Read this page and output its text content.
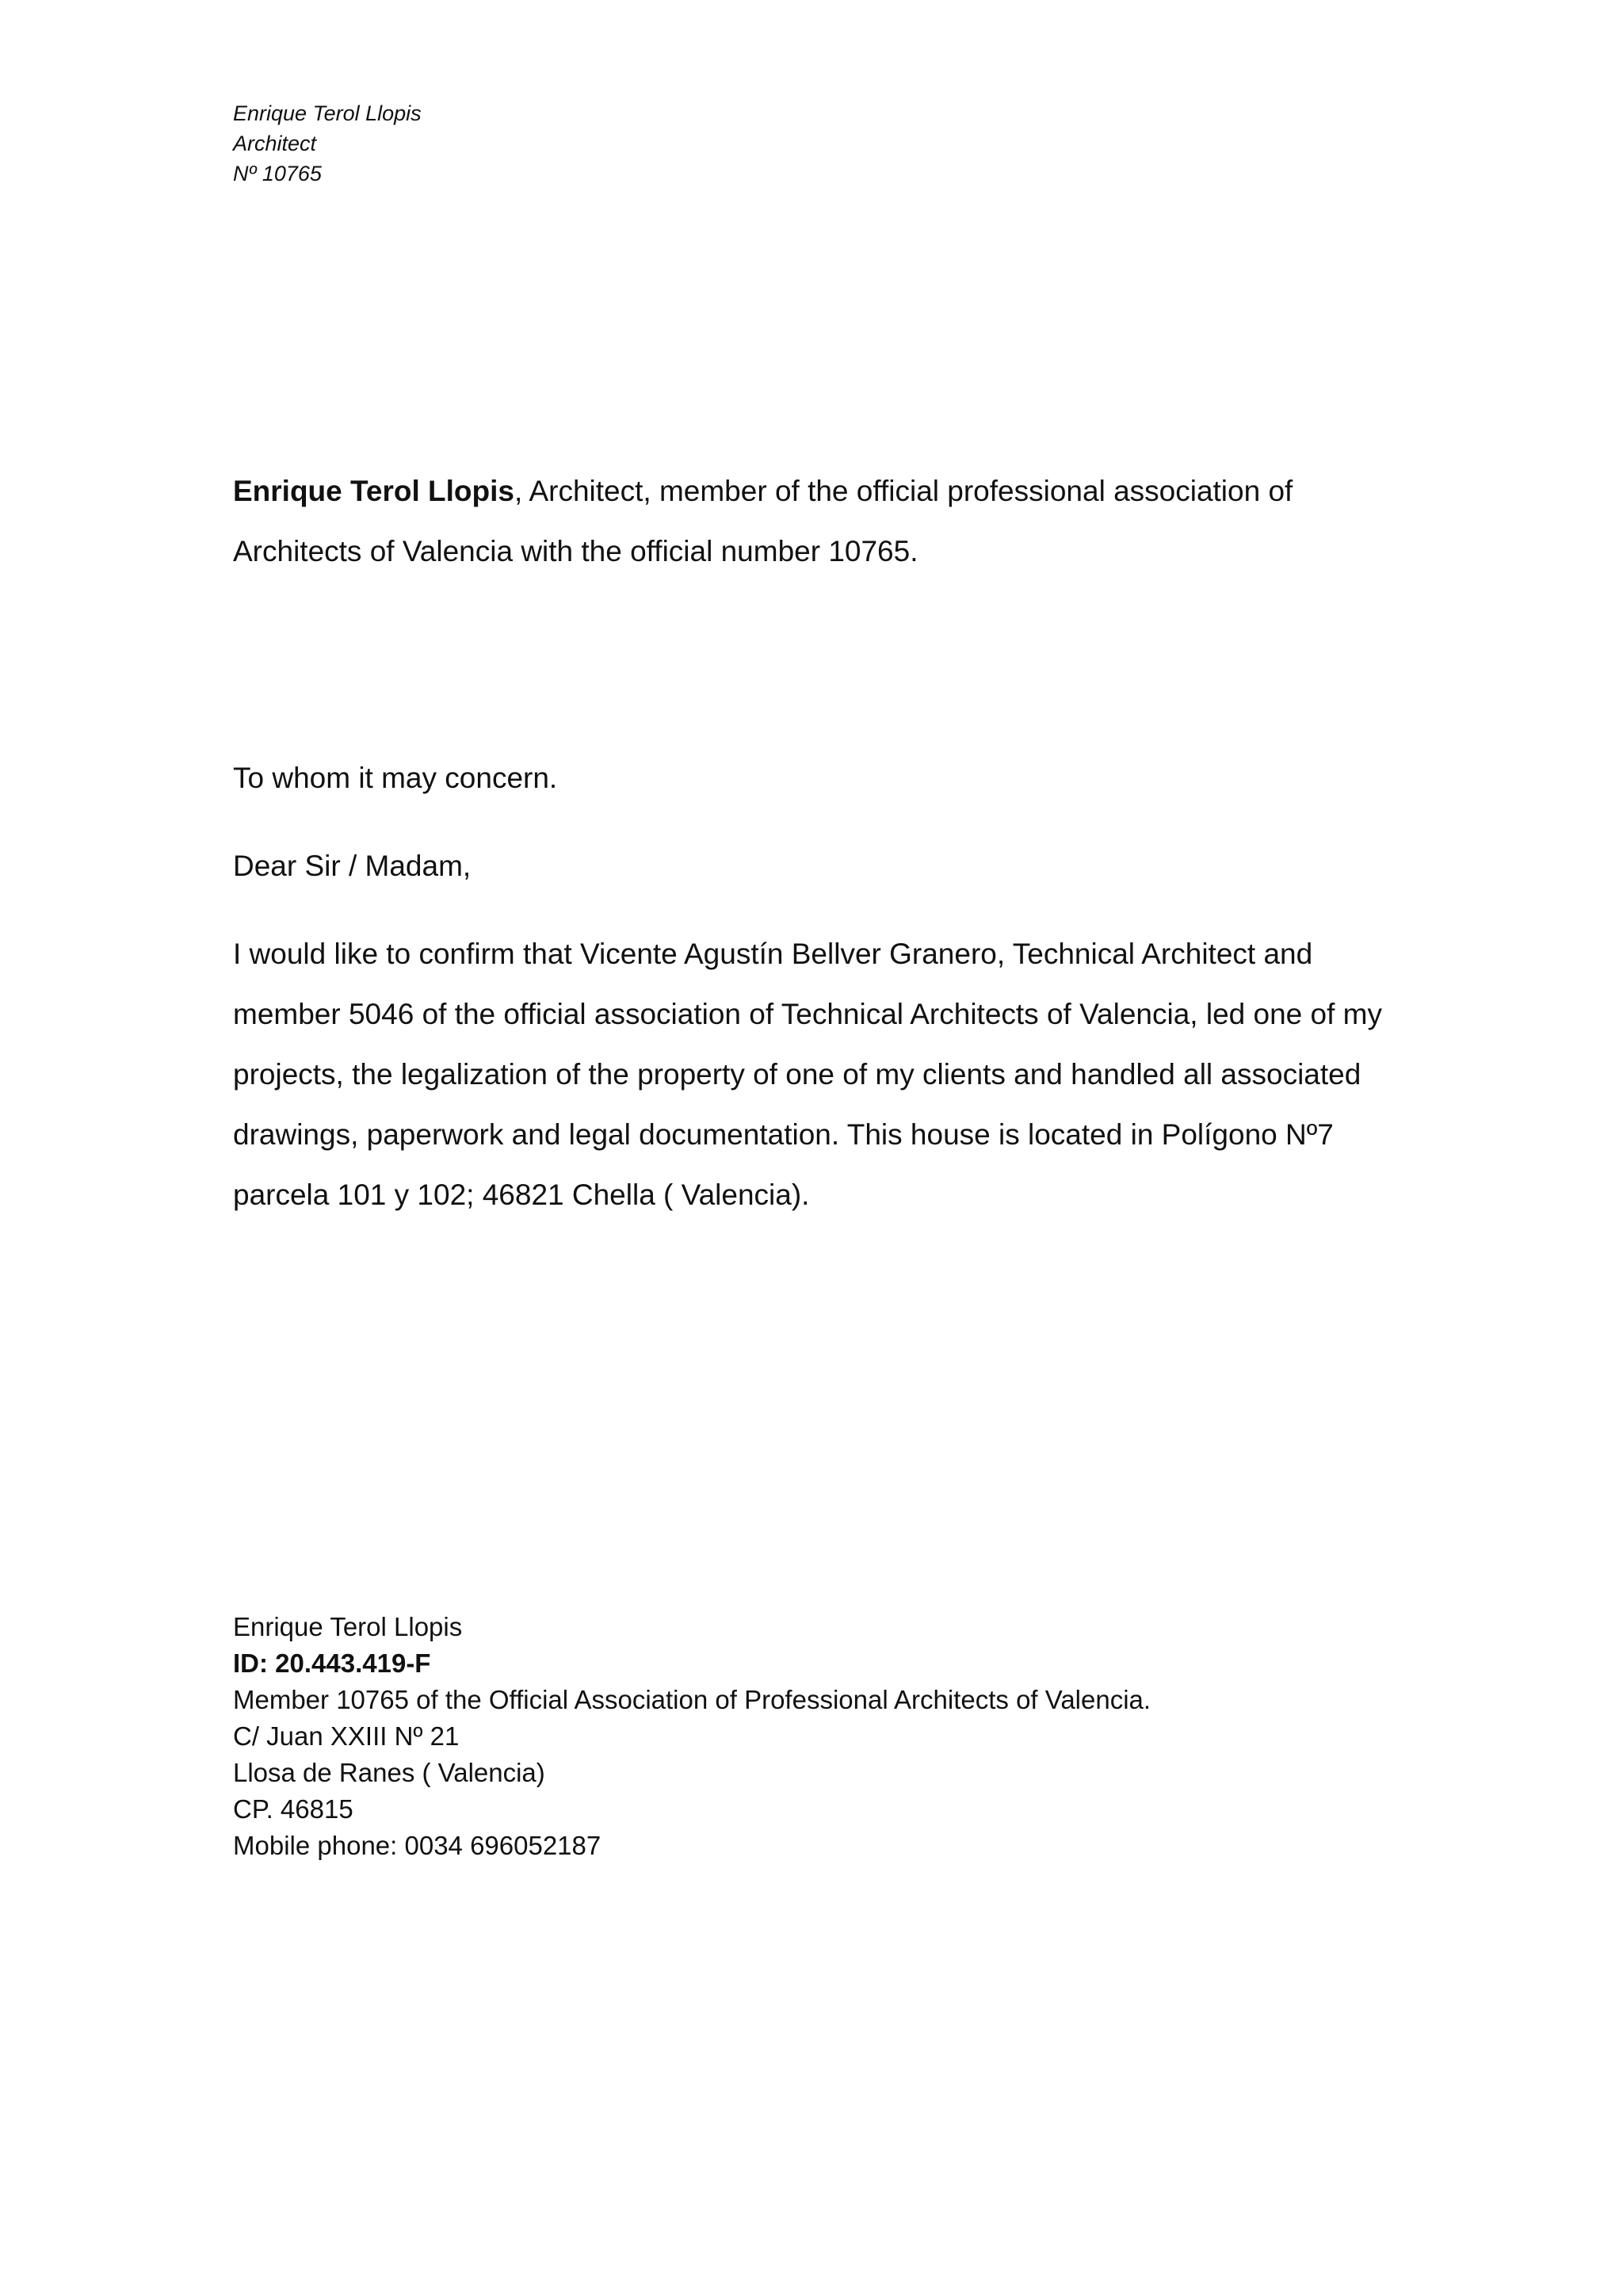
Enrique Terol Llopis
Architect
Nº 10765
Enrique Terol Llopis, Architect, member of the official professional association of Architects of Valencia with the official number 10765.

To whom it may concern.

Dear Sir / Madam,

I would like to confirm that Vicente Agustín Bellver Granero, Technical Architect and member 5046 of the official association of Technical Architects of Valencia, led one of my projects, the legalization of the property of one of my clients and handled all associated drawings, paperwork and legal documentation. This house is located in Polígono Nº7 parcela 101 y 102; 46821 Chella ( Valencia).

Enrique Terol Llopis
ID: 20.443.419-F
Member 10765 of the Official Association of Professional Architects of Valencia.
C/ Juan XXIII Nº 21
Llosa de Ranes ( Valencia)
CP. 46815
Mobile phone: 0034 696052187
